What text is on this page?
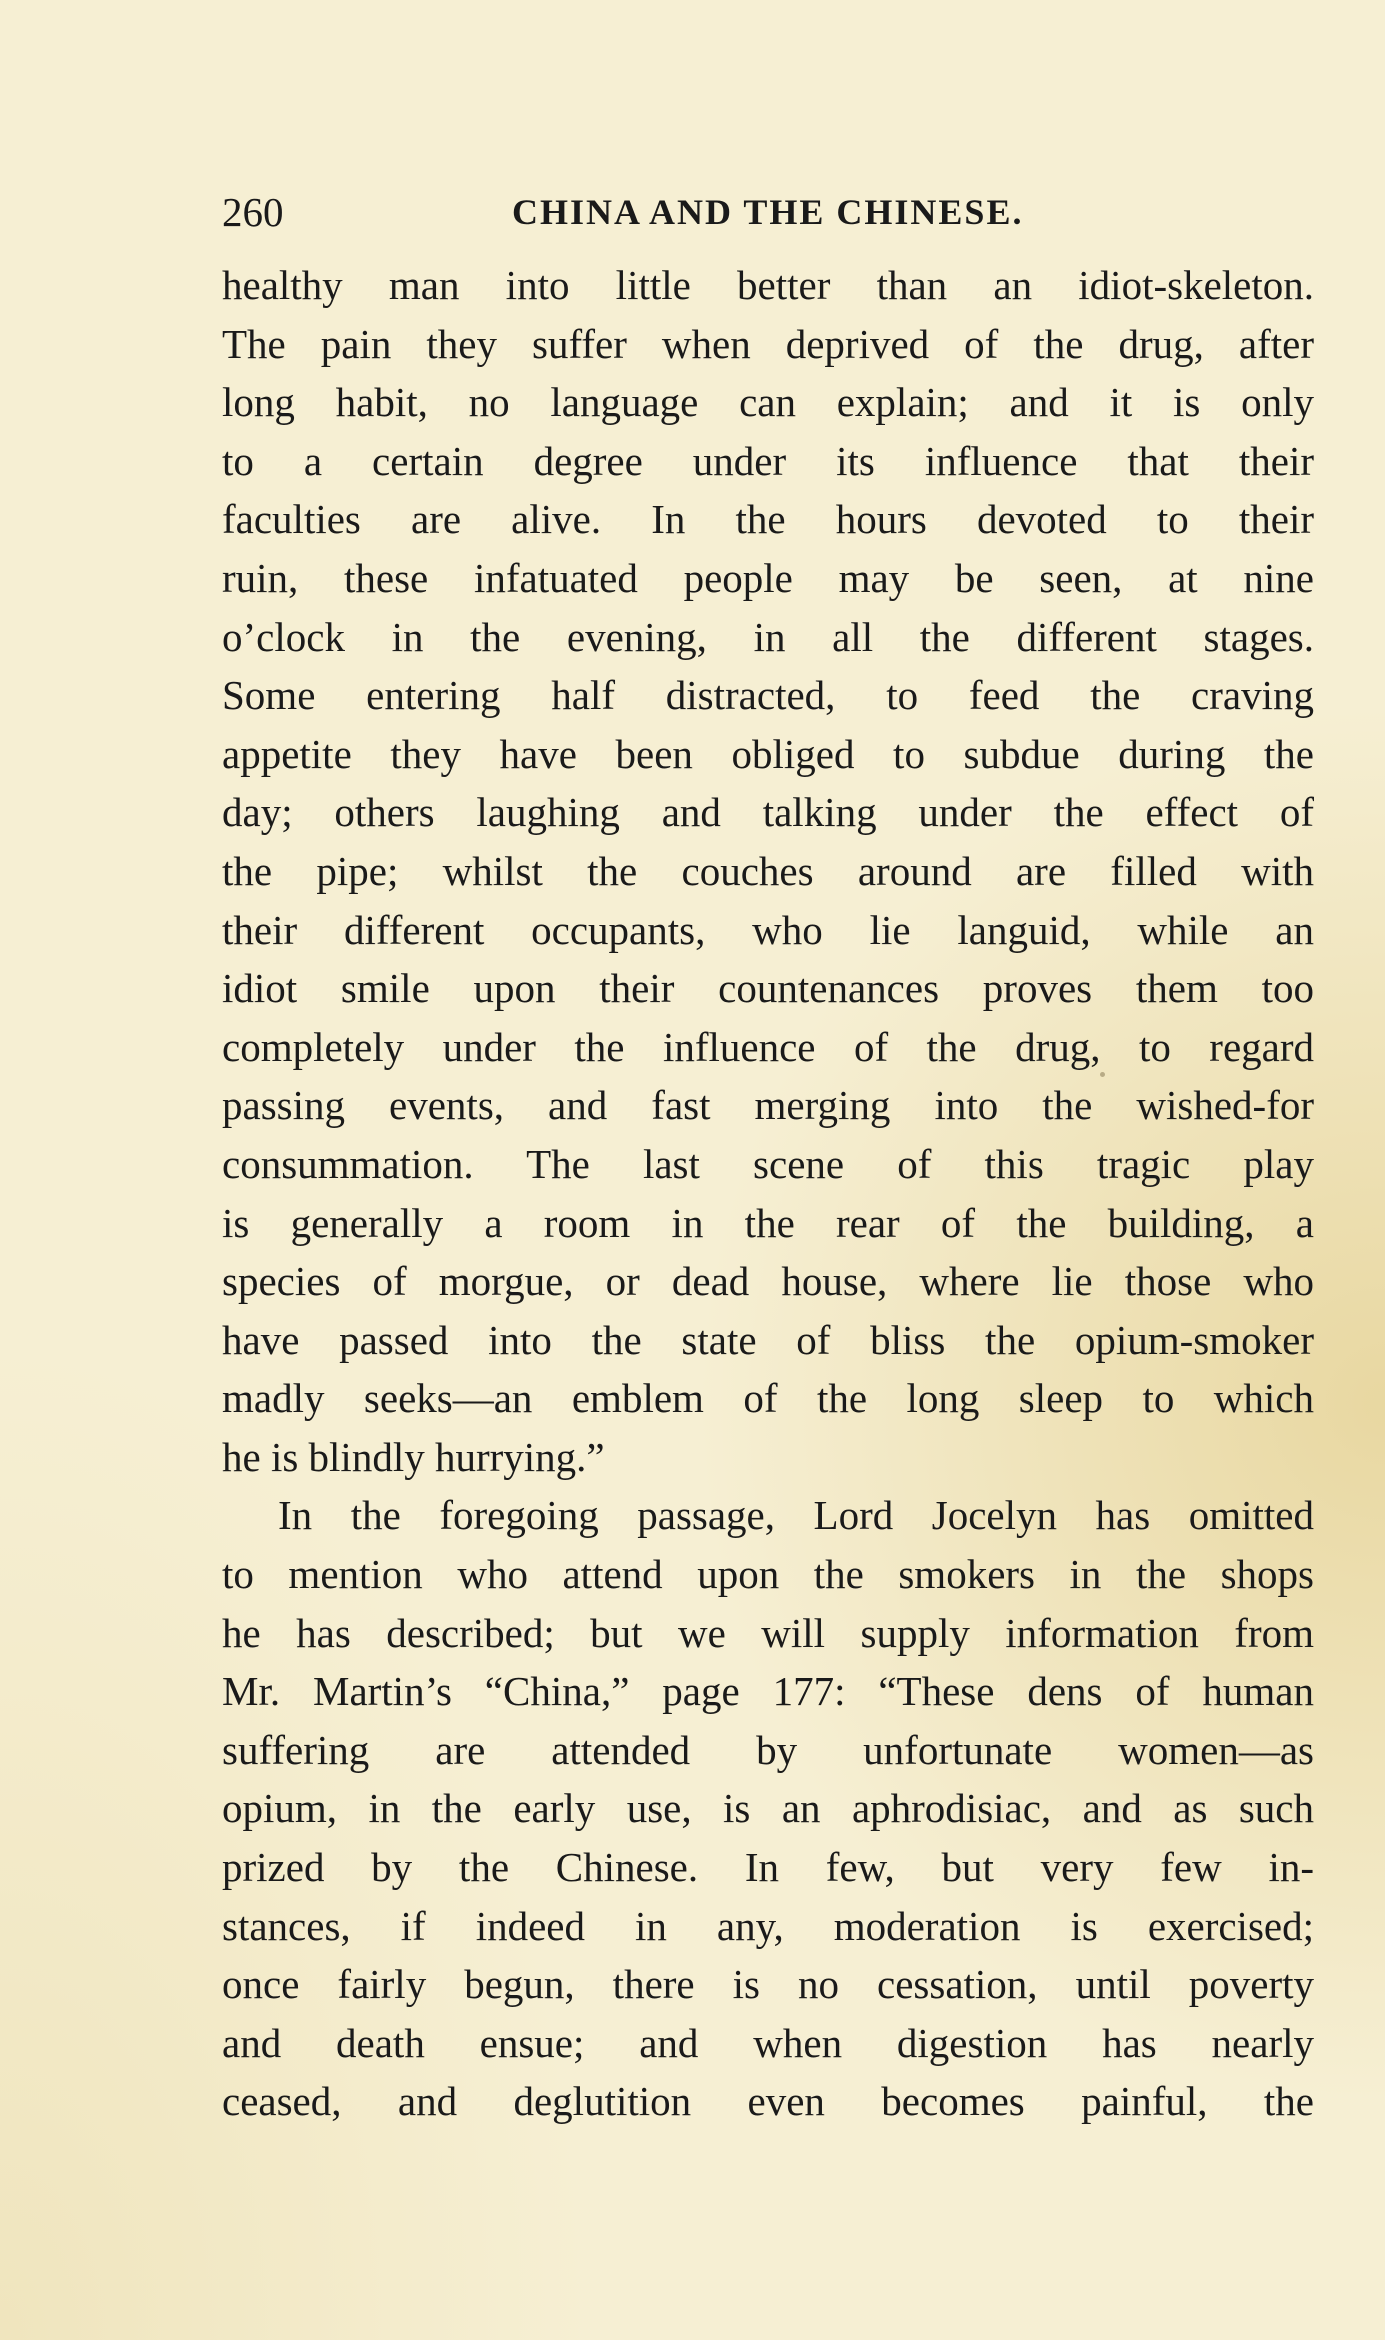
260	CHINA AND THE CHINESE.
healthy man into little better than an idiot-skeleton.
The pain they suffer when deprived of the drug, after
long habit, no language can explain; and it is only
to a certain degree under its influence that their
faculties are alive. In the hours devoted to their
ruin, these infatuated people may be seen, at nine
o’clock in the evening, in all the different stages.
Some entering half distracted, to feed the craving
appetite they have been obliged to subdue during the
day; others laughing and talking under the effect of
the pipe; whilst the couches around are filled with
their different occupants, who lie languid, while an
idiot smile upon their countenances proves them too
completely under the influence of the drug, to regard
passing events, and fast merging into the wished-for
consummation. The last scene of this tragic play
is generally a room in the rear of the building, a
species of morgue, or dead house, where lie those who
have passed into the state of bliss the opium-smoker
madly seeks—an emblem of the long sleep to which
he is blindly hurrying.”
In the foregoing passage, Lord Jocelyn has omitted
to mention who attend upon the smokers in the shops
he has described; but we will supply information from
Mr. Martin’s “China,” page 177: “These dens of human
suffering are attended by unfortunate women—as
opium, in the early use, is an aphrodisiac, and as such
prized by the Chinese. In few, but very few in-
stances, if indeed in any, moderation is exercised;
once fairly begun, there is no cessation, until poverty
and death ensue; and when digestion has nearly
ceased, and deglutition even becomes painful, the
